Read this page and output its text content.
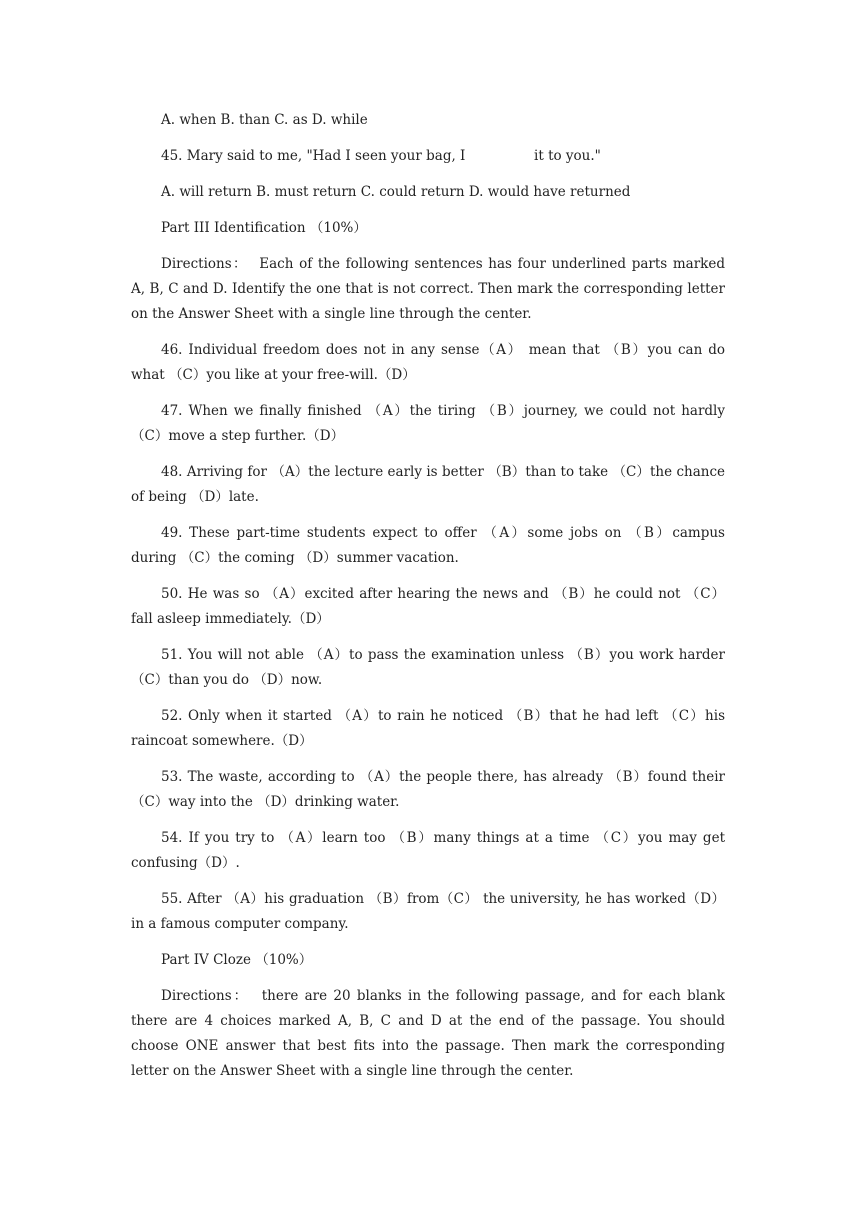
A. when B. than C. as D. while

45. Mary said to me, "Had I seen your bag, I                it to you."

A. will return B. must return C. could return D. would have returned

Part III Identification （10%）

Directions：  Each of the following sentences has four underlined parts marked A, B, C and D. Identify the one that is not correct. Then mark the corresponding letter on the Answer Sheet with a single line through the center.

46. Individual freedom does not in any sense（A） mean that （B）you can do what （C）you like at your free-will.（D）

47. When we finally finished （A）the tiring （B）journey, we could not hardly（C）move a step further.（D）

48. Arriving for （A）the lecture early is better （B）than to take （C）the chance of being （D）late.

49. These part-time students expect to offer （A）some jobs on （B）campus during （C）the coming （D）summer vacation.

50. He was so （A）excited after hearing the news and （B）he could not （C）fall asleep immediately.（D）

51. You will not able （A）to pass the examination unless （B）you work harder（C）than you do （D）now.

52. Only when it started （A）to rain he noticed （B）that he had left （C）his raincoat somewhere.（D）

53. The waste, according to （A）the people there, has already （B）found their（C）way into the （D）drinking water.

54. If you try to （A）learn too （B）many things at a time （C）you may get confusing（D）.

55. After （A）his graduation （B）from（C） the university, he has worked（D）in a famous computer company.

Part IV Cloze （10%）

Directions：  there are 20 blanks in the following passage, and for each blank there are 4 choices marked A, B, C and D at the end of the passage. You should choose ONE answer that best fits into the passage. Then mark the corresponding letter on the Answer Sheet with a single line through the center.
